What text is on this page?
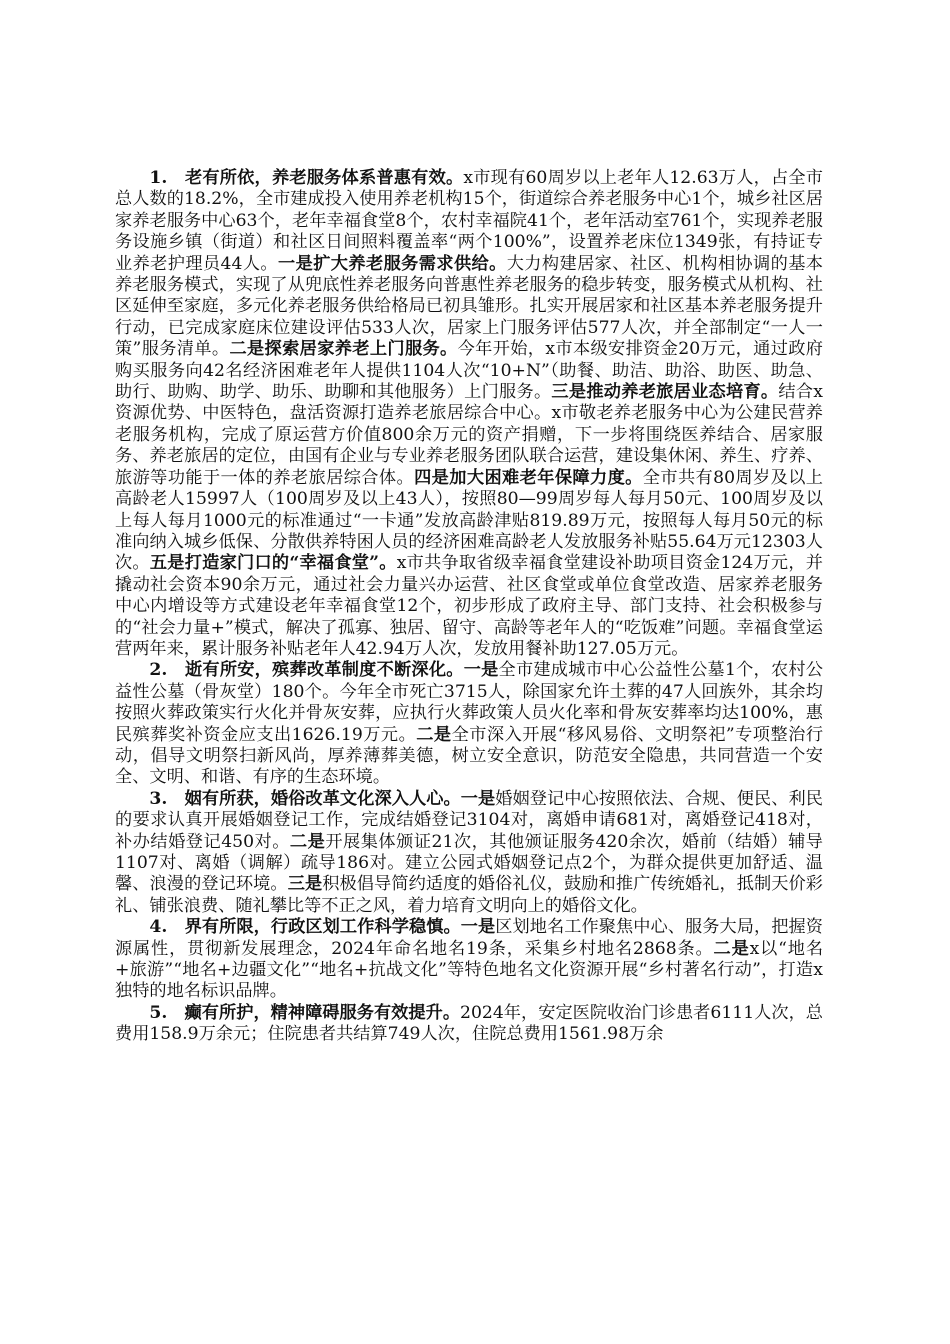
1.　老有所依，养老服务体系普惠有效。x市现有60周岁以上老年人12.63万人，占全市总人数的18.2%，全市建成投入使用养老机构15个，街道综合养老服务中心1个，城乡社区居家养老服务中心63个，老年幸福食堂8个，农村幸福院41个，老年活动室761个，实现养老服务设施乡镇（街道）和社区日间照料覆盖率“两个100%”，设置养老床位1349张，有持证专业养老护理员44人。一是扩大养老服务需求供给。大力构建居家、社区、机构相协调的基本养老服务模式，实现了从兜底性养老服务向普惠性养老服务的稳步转变，服务模式从机构、社区延伸至家庭，多元化养老服务供给格局已初具雏形。扎实开展居家和社区基本养老服务提升行动，已完成家庭床位建设评估533人次，居家上门服务评估577人次，并全部制定“一人一策”服务清单。二是探索居家养老上门服务。今年开始，x市本级安排资金20万元，通过政府购买服务向42名经济困难老年人提供1104人次“10+N”（助餐、助洁、助浴、助医、助急、助行、助购、助学、助乐、助聊和其他服务）上门服务。三是推动养老旅居业态培育。结合x资源优势、中医特色，盘活资源打造养老旅居综合中心。x市敬老养老服务中心为公建民营养老服务机构，完成了原运营方价值800余万元的资产捐赠，下一步将围绕医养结合、居家服务、养老旅居的定位，由国有企业与专业养老服务团队联合运营，建设集休闲、养生、疗养、旅游等功能于一体的养老旅居综合体。四是加大困难老年保障力度。全市共有80周岁及以上高龄老人15997人（100周岁及以上43人），按照80—99周岁每人每月50元、100周岁及以上每人每月1000元的标准通过“一卡通”发放高龄津贴819.89万元，按照每人每月50元的标准向纳入城乡低保、分散供养特困人员的经济困难高龄老人发放服务补贴55.64万元12303人次。五是打造家门口的“幸福食堂”。x市共争取省级幸福食堂建设补助项目资金124万元，并撬动社会资本90余万元，通过社会力量兴办运营、社区食堂或单位食堂改造、居家养老服务中心内增设等方式建设老年幸福食堂12个，初步形成了政府主导、部门支持、社会积极参与的“社会力量+”模式，解决了孤寡、独居、留守、高龄等老年人的“吃饭难”问题。幸福食堂运营两年来，累计服务补贴老年人42.94万人次，发放用餐补助127.05万元。

2.　逝有所安，殡葬改革制度不断深化。一是全市建成城市中心公益性公墓1个，农村公益性公墓（骨灰堂）180个。今年全市死亡3715人，除国家允许土葬的47人回族外，其余均按照火葬政策实行火化并骨灰安葬，应执行火葬政策人员火化率和骨灰安葬率均达100%，惠民殡葬奖补资金应支出1626.19万元。二是全市深入开展“移风易俗、文明祭祀”专项整治行动，倡导文明祭扫新风尚，厚养薄葬美德，树立安全意识，防范安全隐患，共同营造一个安全、文明、和谐、有序的生态环境。

3.　姻有所获，婚俗改革文化深入人心。一是婚姻登记中心按照依法、合规、便民、利民的要求认真开展婚姻登记工作，完成结婚登记3104对，离婚申请681对，离婚登记418对，补办结婚登记450对。二是开展集体颁证21次，其他颁证服务420余次，婚前（结婚）辅导1107对、离婚（调解）疏导186对。建立公园式婚姻登记点2个，为群众提供更加舒适、温馨、浪漫的登记环境。三是积极倡导简约适度的婚俗礼仪，鼓励和推广传统婚礼，抵制天价彩礼、铺张浪费、随礼攀比等不正之风，着力培育文明向上的婚俗文化。

4.　界有所限，行政区划工作科学稳慎。一是区划地名工作聚焦中心、服务大局，把握资源属性，贯彻新发展理念，2024年命名地名19条，采集乡村地名2868条。二是x以“地名+旅游”“地名+边疆文化”“地名+抗战文化”等特色地名文化资源开展“乡村著名行动”，打造x独特的地名标识品牌。

5.　癫有所护，精神障碍服务有效提升。2024年，安定医院收治门诊患者6111人次，总费用158.9万余元；住院患者共结算749人次，住院总费用1561.98万余
